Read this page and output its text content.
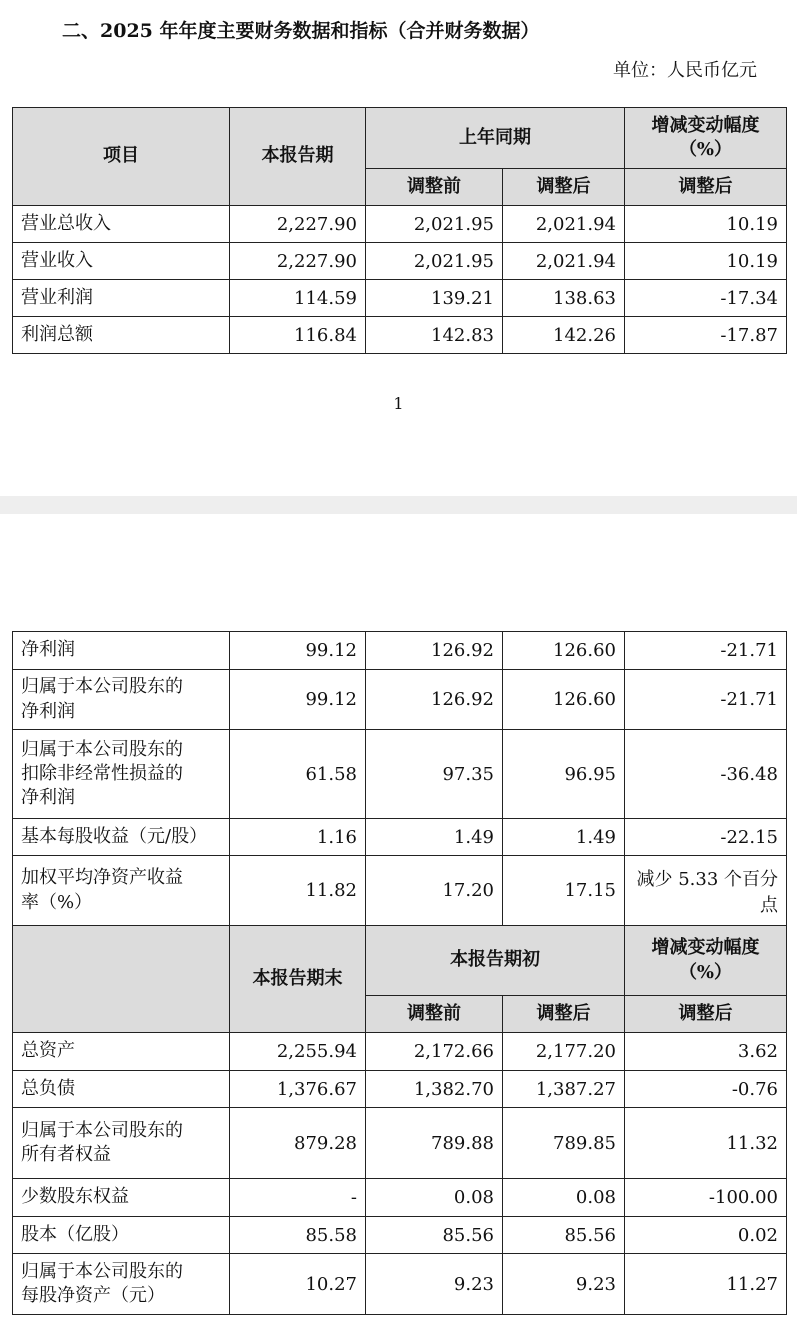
二、2025 年年度主要财务数据和指标（合并财务数据）
单位：人民币亿元
项目	本报告期	上年同期		增减变动幅度
（%）

		调整前	调整后	调整后
营业总收入	2,227.90	2,021.95	2,021.94	10.19
营业收入	2,227.90	2,021.95	2,021.94	10.19
营业利润	114.59	139.21	138.63	-17.34
利润总额	116.84	142.83	142.26	-17.87
1
净利润	99.12	126.92	126.60	-21.71

归属于本公司股东的
净利润	99.12	126.92	126.60	-21.71

归属于本公司股东的
扣除非经常性损益的
净利润	61.58	97.35	96.95	-36.48

基本每股收益（元/股）	1.16	1.49	1.49	-22.15

加权平均净资产收益
率（%）	11.82	17.20	17.15	减少 5.33 个百分点
	本报告期末	本报告期初		增减变动幅度
（%）

		调整前	调整后	调整后

总资产	2,255.94	2,172.66	2,177.20	3.62

总负债	1,376.67	1,382.70	1,387.27	-0.76

归属于本公司股东的
所有者权益	879.28	789.88	789.85	11.32

少数股东权益	-	0.08	0.08	-100.00

股本（亿股）	85.58	85.56	85.56	0.02

归属于本公司股东的
每股净资产（元）	10.27	9.23	9.23	11.27
